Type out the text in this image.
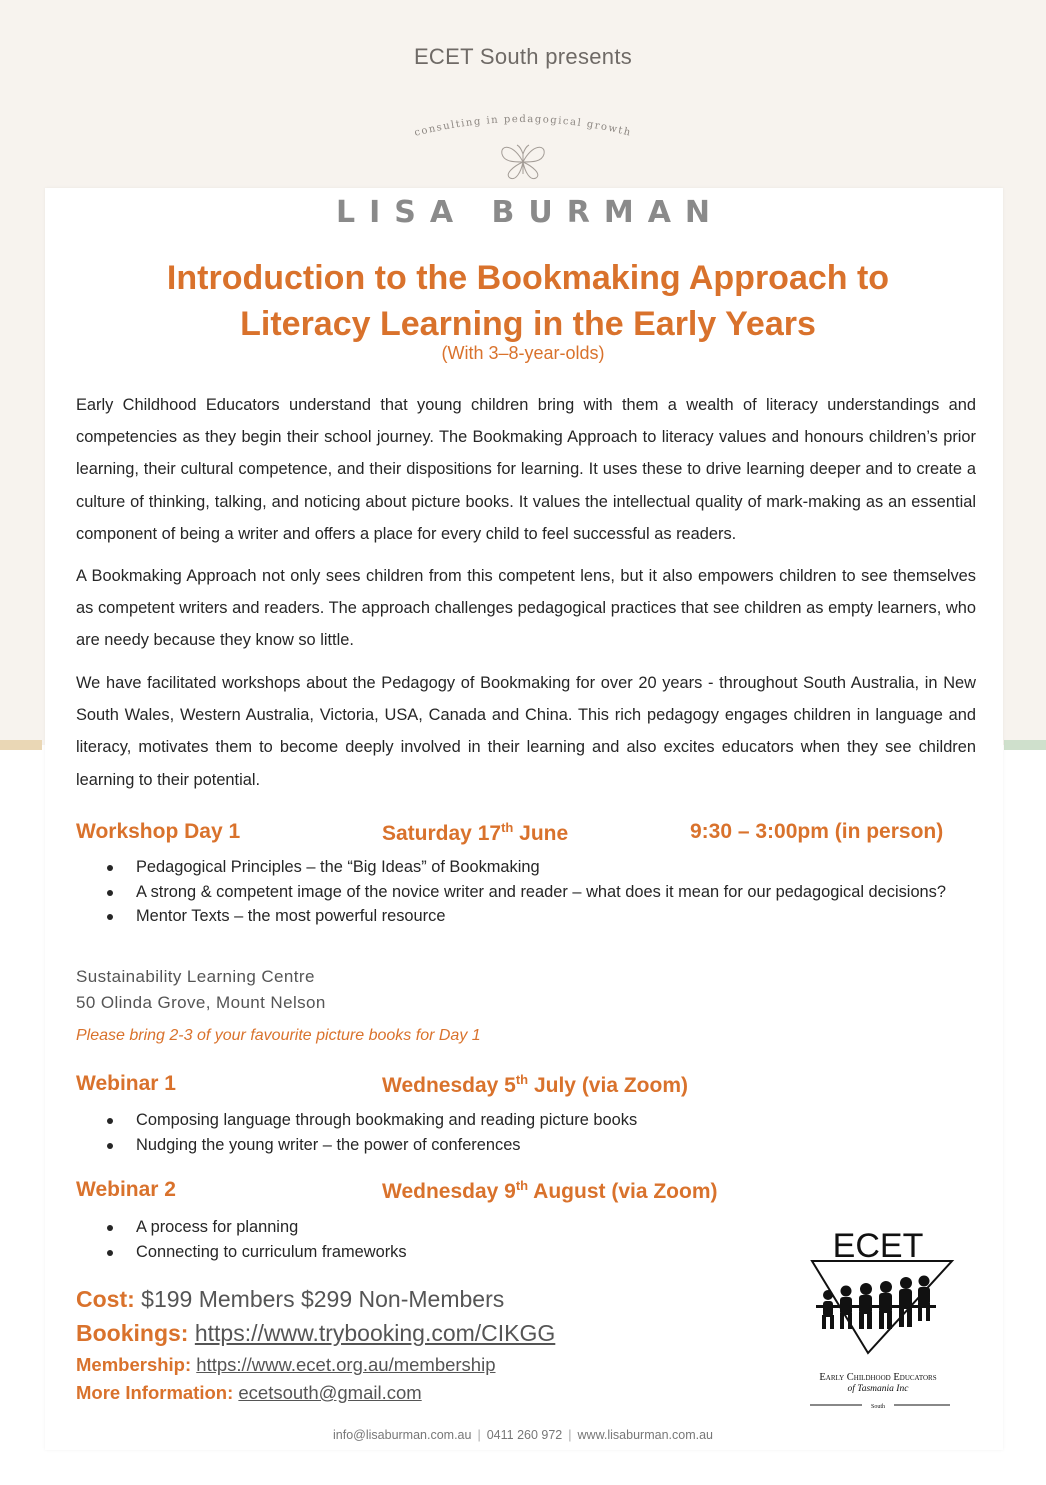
ECET South presents
consulting in pedagogical growth
LISA BURMAN
Introduction to the Bookmaking Approach to
Literacy Learning in the Early Years
(With 3–8-year-olds)

Early Childhood Educators understand that young children bring with them a wealth of literacy understandings and competencies as they begin their school journey. The Bookmaking Approach to literacy values and honours children’s prior learning, their cultural competence, and their dispositions for learning. It uses these to drive learning deeper and to create a culture of thinking, talking, and noticing about picture books. It values the intellectual quality of mark-making as an essential component of being a writer and offers a place for every child to feel successful as readers.

A Bookmaking Approach not only sees children from this competent lens, but it also empowers children to see themselves as competent writers and readers. The approach challenges pedagogical practices that see children as empty learners, who are needy because they know so little.

We have facilitated workshops about the Pedagogy of Bookmaking for over 20 years - throughout South Australia, in New South Wales, Western Australia, Victoria, USA, Canada and China. This rich pedagogy engages children in language and literacy, motivates them to become deeply involved in their learning and also excites educators when they see children learning to their potential.

Workshop Day 1	Saturday 17th June	9:30 – 3:00pm (in person)
Pedagogical Principles – the “Big Ideas” of Bookmaking
A strong & competent image of the novice writer and reader – what does it mean for our pedagogical decisions?
Mentor Texts – the most powerful resource
Sustainability Learning Centre
50 Olinda Grove, Mount Nelson
Please bring 2-3 of your favourite picture books for Day 1
Webinar 1	Wednesday 5th July (via Zoom)
Composing language through bookmaking and reading picture books
Nudging the young writer – the power of conferences
Webinar 2	Wednesday 9th August (via Zoom)
A process for planning
Connecting to curriculum frameworks
Cost: $199 Members $299 Non-Members
Bookings: https://www.trybooking.com/CIKGG
Membership: https://www.ecet.org.au/membership
More Information: ecetsouth@gmail.com
ECET
Early Childhood Educators
of Tasmania Inc
South
info@lisaburman.com.au | 0411 260 972 | www.lisaburman.com.au
